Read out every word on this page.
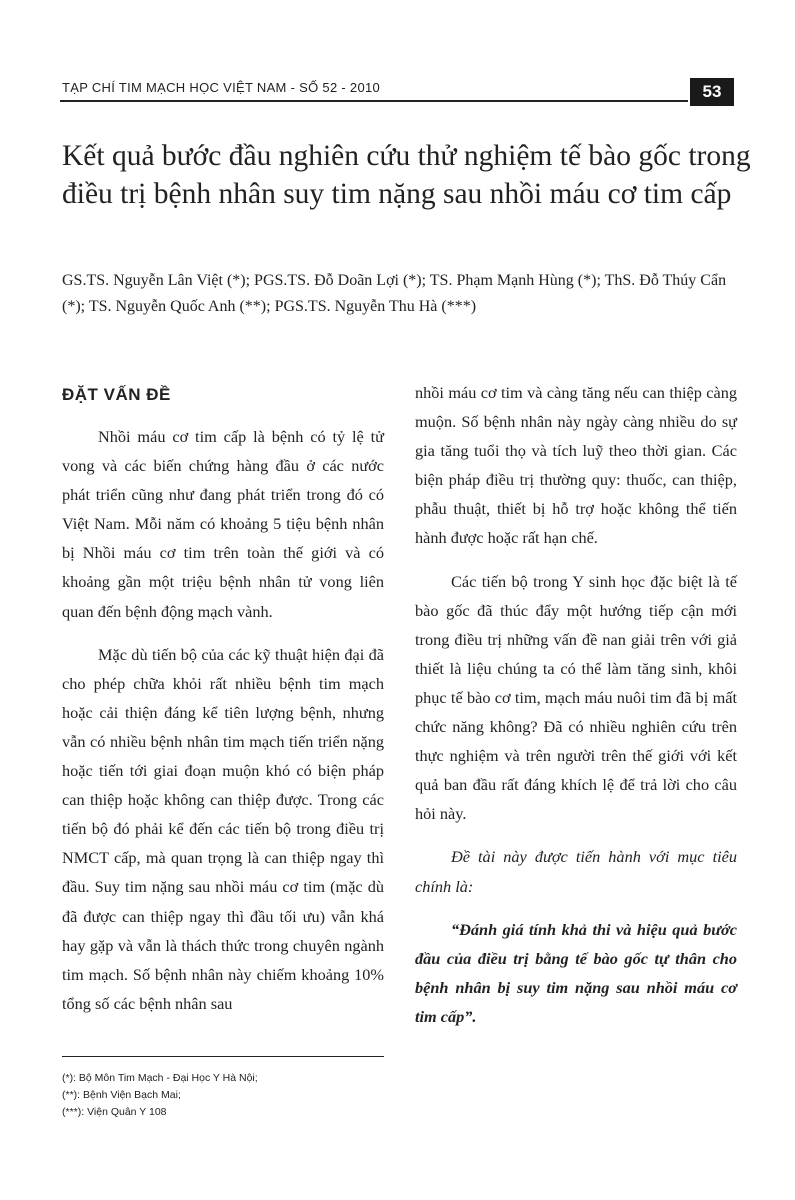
TẠP CHÍ TIM MẠCH HỌC VIỆT NAM - SỐ 52 - 2010	53
Kết quả bước đầu nghiên cứu thử nghiệm tế bào gốc trong điều trị bệnh nhân suy tim nặng sau nhồi máu cơ tim cấp
GS.TS. Nguyễn Lân Việt (*); PGS.TS. Đỗ Doãn Lợi (*); TS. Phạm Mạnh Hùng (*); ThS. Đỗ Thúy Cẩn (*); TS. Nguyễn Quốc Anh (**); PGS.TS. Nguyễn Thu Hà (***)
ĐẶT VẤN ĐỀ

Nhồi máu cơ tim cấp là bệnh có tỷ lệ tử vong và các biến chứng hàng đầu ở các nước phát triển cũng như đang phát triển trong đó có Việt Nam. Mỗi năm có khoảng 5 tiệu bệnh nhân bị Nhồi máu cơ tim trên toàn thế giới và có khoảng gần một triệu bệnh nhân tử vong liên quan đến bệnh động mạch vành.

Mặc dù tiến bộ của các kỹ thuật hiện đại đã cho phép chữa khỏi rất nhiều bệnh tim mạch hoặc cải thiện đáng kể tiên lượng bệnh, nhưng vẫn có nhiều bệnh nhân tim mạch tiến triển nặng hoặc tiến tới giai đoạn muộn khó có biện pháp can thiệp hoặc không can thiệp được. Trong các tiến bộ đó phải kể đến các tiến bộ trong điều trị NMCT cấp, mà quan trọng là can thiệp ngay thì đầu. Suy tim nặng sau nhồi máu cơ tim (mặc dù đã được can thiệp ngay thì đầu tối ưu) vẫn khá hay gặp và vẫn là thách thức trong chuyên ngành tim mạch. Số bệnh nhân này chiếm khoảng 10% tổng số các bệnh nhân sau

nhồi máu cơ tim và càng tăng nếu can thiệp càng muộn. Số bệnh nhân này ngày càng nhiều do sự gia tăng tuổi thọ và tích luỹ theo thời gian. Các biện pháp điều trị thường quy: thuốc, can thiệp, phẫu thuật, thiết bị hỗ trợ hoặc không thể tiến hành được hoặc rất hạn chế.

Các tiến bộ trong Y sinh học đặc biệt là tế bào gốc đã thúc đẩy một hướng tiếp cận mới trong điều trị những vấn đề nan giải trên với giả thiết là liệu chúng ta có thể làm tăng sinh, khôi phục tế bào cơ tim, mạch máu nuôi tim đã bị mất chức năng không? Đã có nhiều nghiên cứu trên thực nghiệm và trên người trên thế giới với kết quả ban đầu rất đáng khích lệ để trả lời cho câu hỏi này.

Đề tài này được tiến hành với mục tiêu chính là:

“Đánh giá tính khả thi và hiệu quả bước đầu của điều trị bằng tế bào gốc tự thân cho bệnh nhân bị suy tim nặng sau nhồi máu cơ tim cấp”.

(*): Bộ Môn Tim Mạch - Đại Học Y Hà Nội;
(**): Bệnh Viện Bạch Mai;
(***): Viện Quân Y 108
